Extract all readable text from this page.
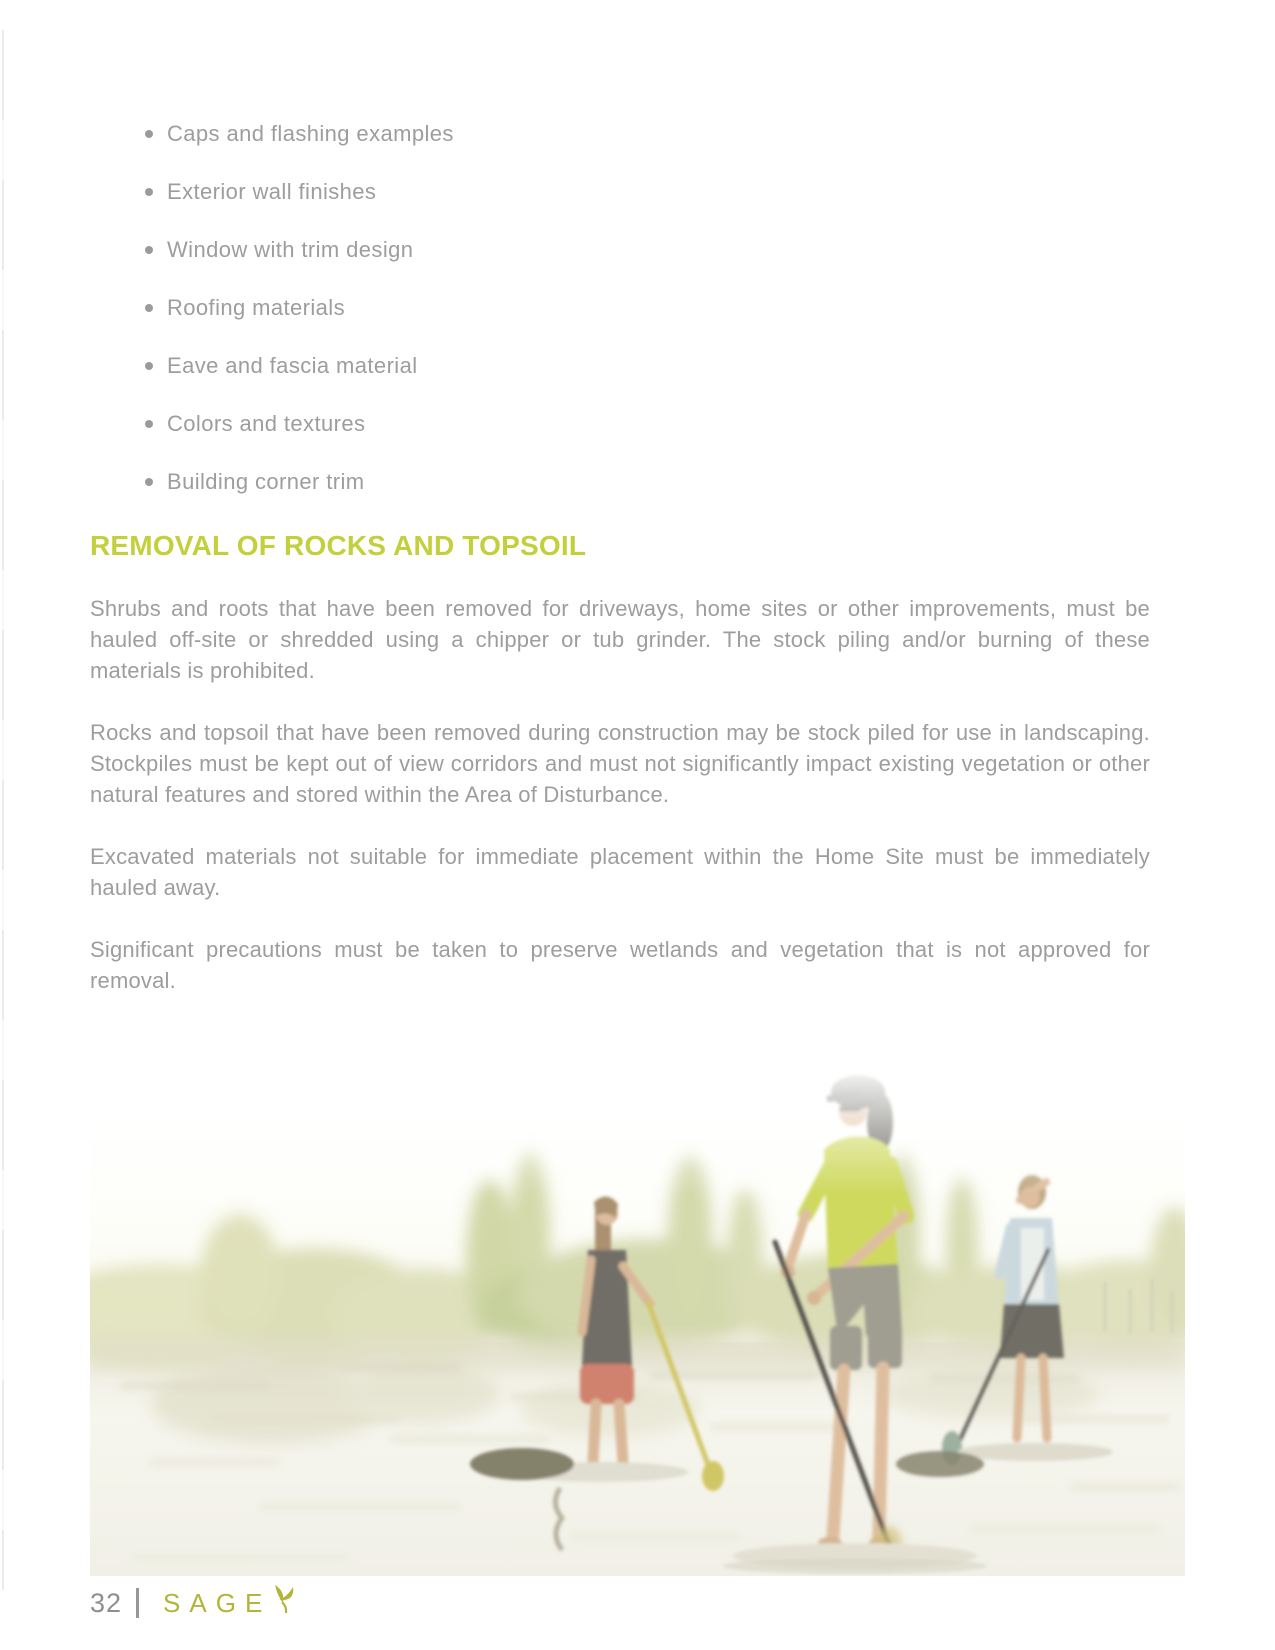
Caps and flashing examples
Exterior wall finishes
Window with trim design
Roofing materials
Eave and fascia material
Colors and textures
Building corner trim
REMOVAL OF ROCKS AND TOPSOIL

Shrubs and roots that have been removed for driveways, home sites or other improvements, must be hauled off-site or shredded using a chipper or tub grinder. The stock piling and/or burning of these materials is prohibited.

Rocks and topsoil that have been removed during construction may be stock piled for use in landscaping. Stockpiles must be kept out of view corridors and must not significantly impact existing vegetation or other natural features and stored within the Area of Disturbance.

Excavated materials not suitable for immediate placement within the Home Site must be immediately hauled away.

Significant precautions must be taken to preserve wetlands and vegetation that is not approved for removal.

32 SAGE
